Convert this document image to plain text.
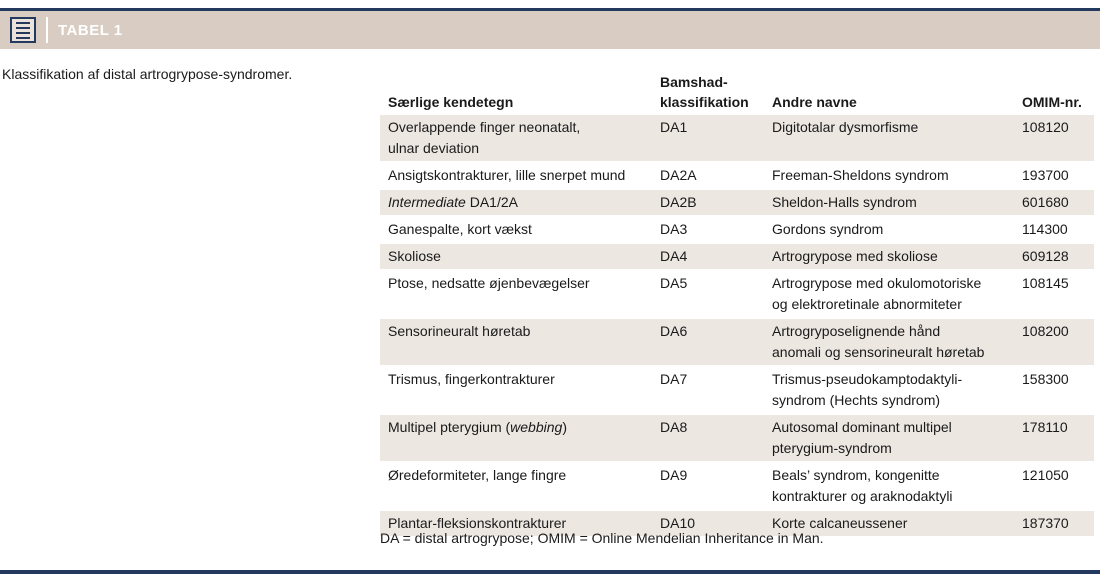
TABEL 1
Klassifikation af distal artrogrypose-syndromer.
Særlige kendetegn	Bamshad-
klassifikation	Andre navne	OMIM-nr.

Overlappende finger neonatalt,
ulnar deviation	DA1	Digitotalar dysmorfisme	108120
Ansigtskontrakturer, lille snerpet mund	DA2A	Freeman-Sheldons syndrom	193700
Intermediate DA1/2A	DA2B	Sheldon-Halls syndrom	601680
Ganespalte, kort vækst	DA3	Gordons syndrom	114300
Skoliose	DA4	Artrogrypose med skoliose	609128
Ptose, nedsatte øjenbevægelser	DA5	Artrogrypose med okulomotoriske
og elektroretinale abnormiteter	108145
Sensorineuralt høretab	DA6	Artrogryposelignende hånd
anomali og sensorineuralt høretab	108200
Trismus, fingerkontrakturer	DA7	Trismus-pseudokamptodaktyli-
syndrom (Hechts syndrom)	158300
Multipel pterygium (webbing)	DA8	Autosomal dominant multipel
pterygium-syndrom	178110
Øredeformiteter, lange fingre	DA9	Beals’ syndrom, kongenitte
kontrakturer og araknodaktyli	121050
Plantar-fleksionskontrakturer	DA10	Korte calcaneussener	187370
DA = distal artrogrypose; OMIM = Online Mendelian Inheritance in Man.
